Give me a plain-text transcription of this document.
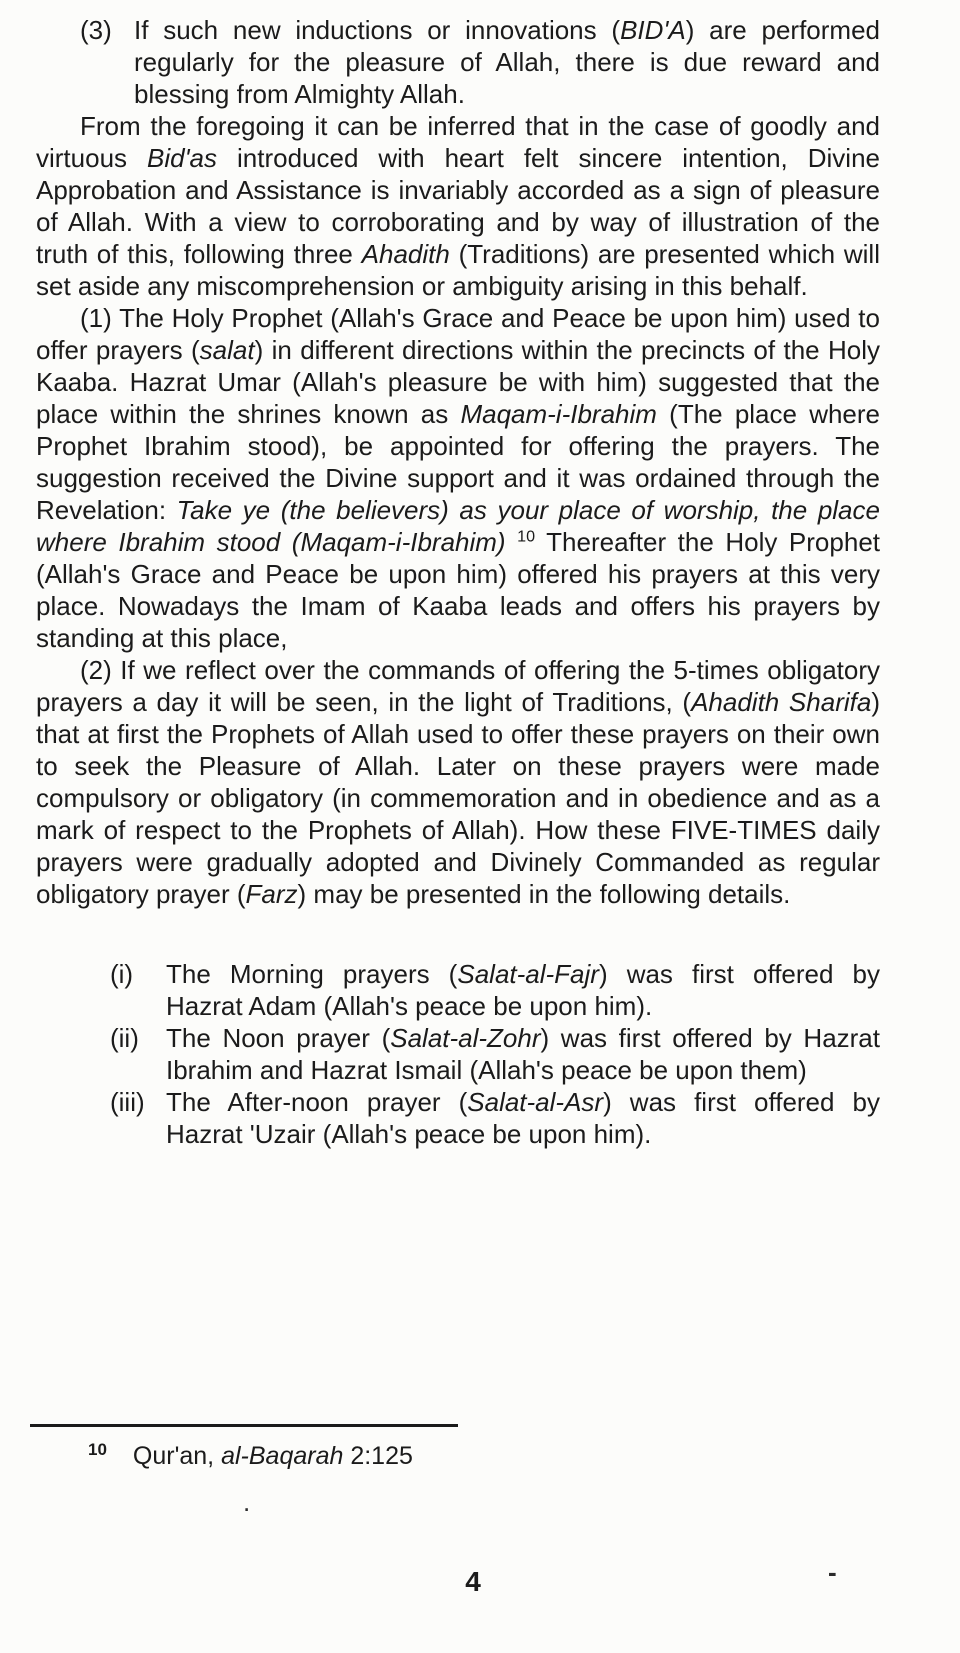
(3) If such new inductions or innovations (BID'A) are performed regularly for the pleasure of Allah, there is due reward and blessing from Almighty Allah.

From the foregoing it can be inferred that in the case of goodly and virtuous Bid'as introduced with heart felt sincere intention, Divine Approbation and Assistance is invariably accorded as a sign of pleasure of Allah. With a view to corroborating and by way of illustration of the truth of this, following three Ahadith (Traditions) are presented which will set aside any miscomprehension or ambiguity arising in this behalf.

(1) The Holy Prophet (Allah's Grace and Peace be upon him) used to offer prayers (salat) in different directions within the precincts of the Holy Kaaba. Hazrat Umar (Allah's pleasure be with him) suggested that the place within the shrines known as Maqam-i-Ibrahim (The place where Prophet Ibrahim stood), be appointed for offering the prayers. The suggestion received the Divine support and it was ordained through the Revelation: Take ye (the believers) as your place of worship, the place where Ibrahim stood (Maqam-i-Ibrahim) $^{10}$ Thereafter the Holy Prophet (Allah's Grace and Peace be upon him) offered his prayers at this very place. Nowadays the Imam of Kaaba leads and offers his prayers by standing at this place,

(2) If we reflect over the commands of offering the 5-times obligatory prayers a day it will be seen, in the light of Traditions, (Ahadith Sharifa) that at first the Prophets of Allah used to offer these prayers on their own to seek the Pleasure of Allah. Later on these prayers were made compulsory or obligatory (in commemoration and in obedience and as a mark of respect to the Prophets of Allah). How these FIVE-TIMES daily prayers were gradually adopted and Divinely Commanded as regular obligatory prayer (Farz) may be presented in the following details.

(i) The Morning prayers (Salat-al-Fajr) was first offered by Hazrat Adam (Allah's peace be upon him).

(ii) The Noon prayer (Salat-al-Zohr) was first offered by Hazrat Ibrahim and Hazrat Ismail (Allah's peace be upon them)

(iii) The After-noon prayer (Salat-al-Asr) was first offered by Hazrat 'Uzair (Allah's peace be upon him).

$^{10}$ Qur'an, al-Baqarah 2:125

4	-
.
